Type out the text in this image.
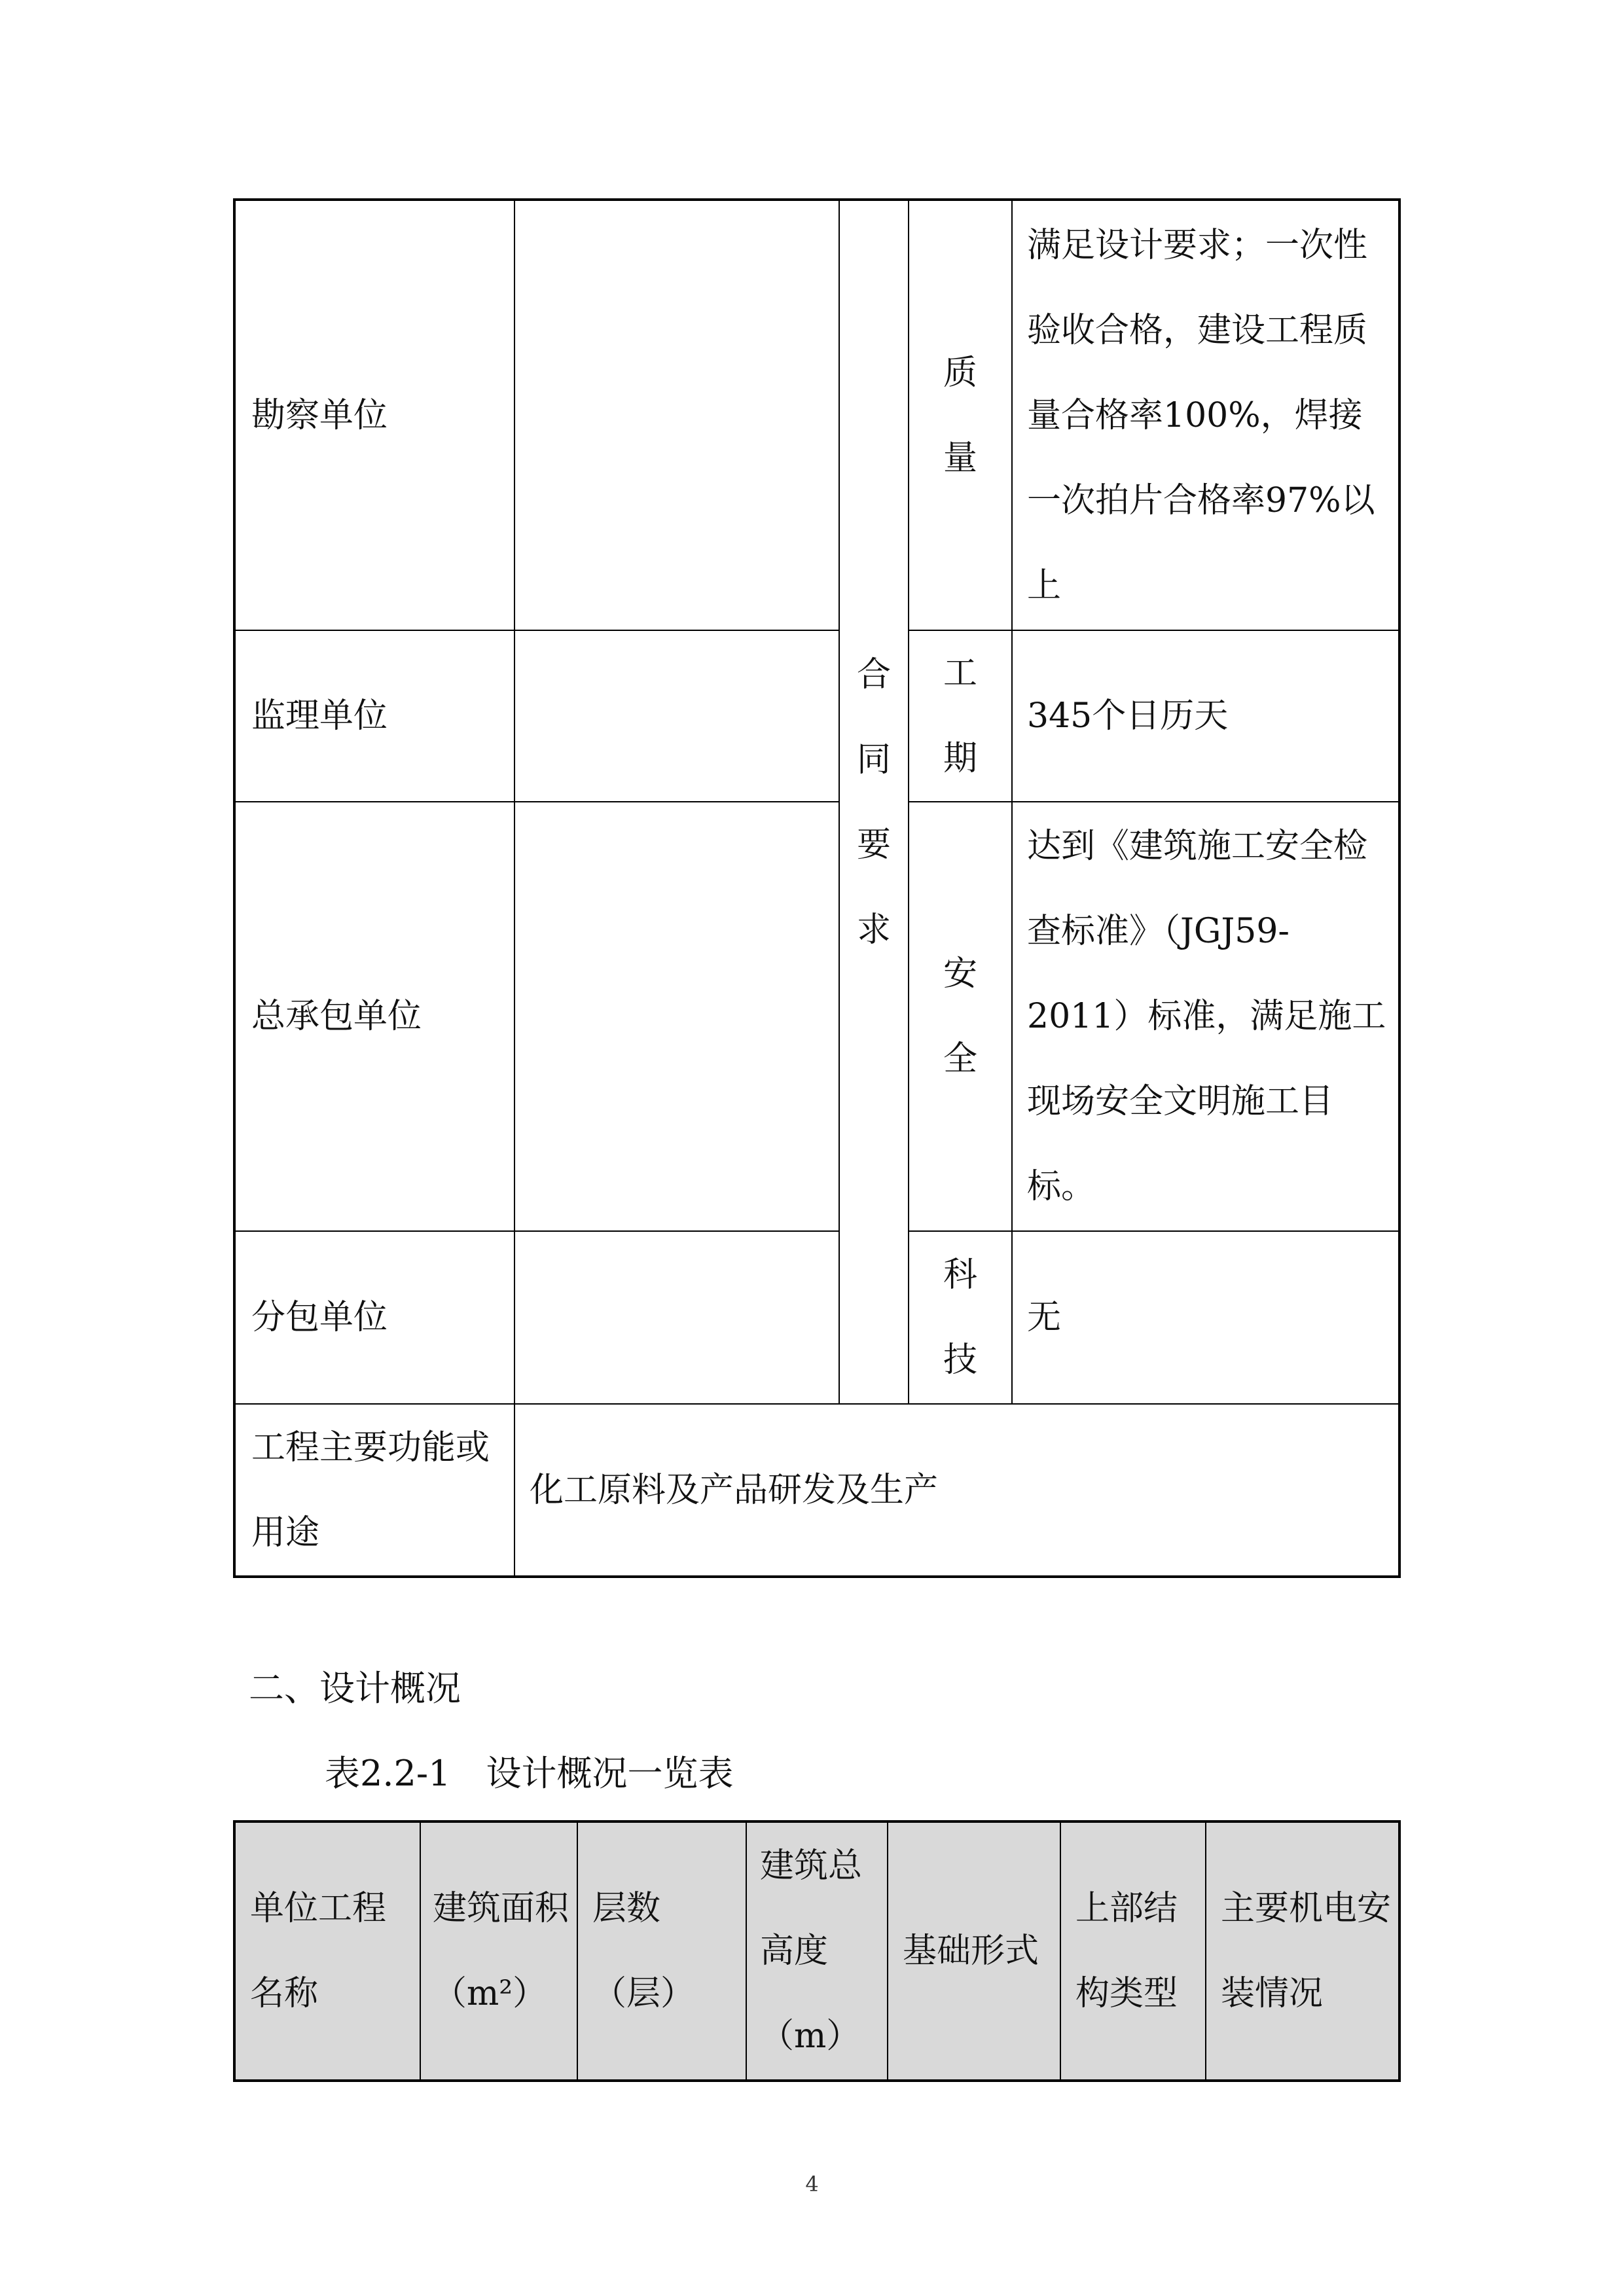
勘察单位		合同要求	质量	满足设计要求；一次性验收合格，建设工程质量合格率100%，焊接一次拍片合格率97%以上
监理单位			工期	345个日历天
总承包单位			安全	达到《建筑施工安全检查标准》（JGJ59-2011）标准，满足施工现场安全文明施工目标。
分包单位			科技	无
工程主要功能或用途	化工原料及产品研发及生产			
二、设计概况
表2.2-1　设计概况一览表
单位工程名称	建筑面积（m²）	层数（层）	建筑总高度（m）	基础形式	上部结构类型	主要机电安装情况
4
